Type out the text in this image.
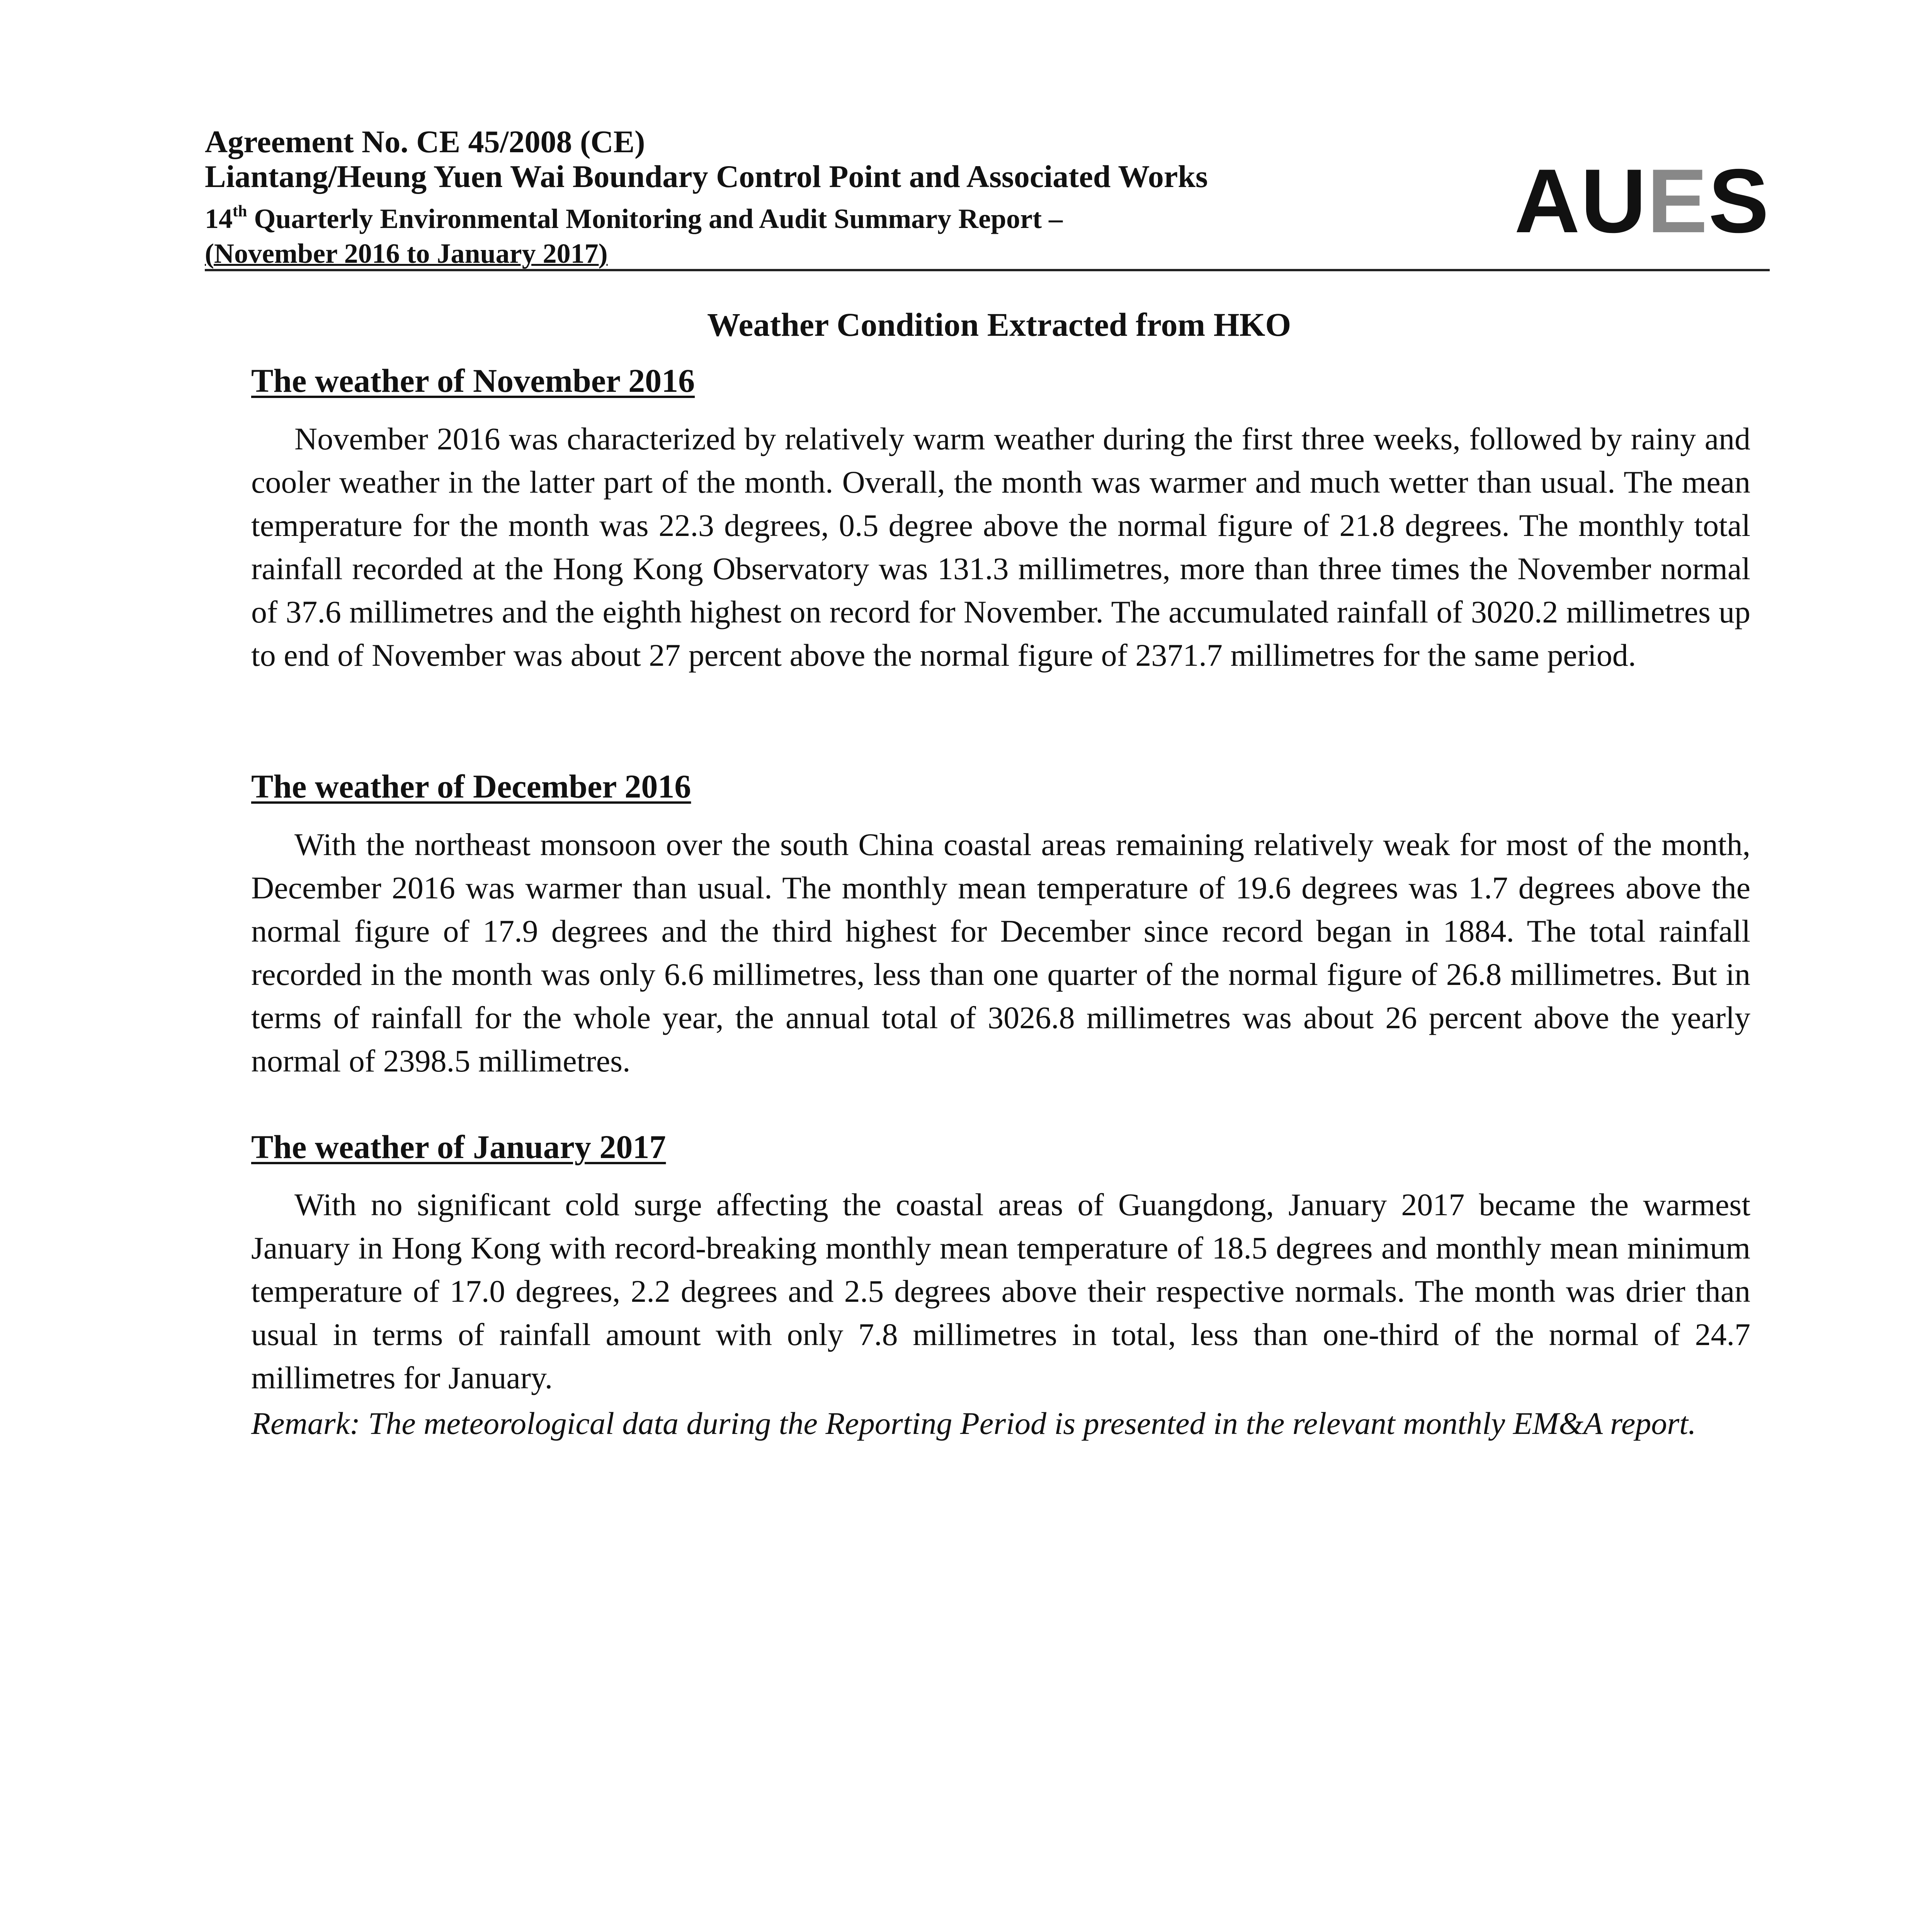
Agreement No. CE 45/2008 (CE)
Liantang/Heung Yuen Wai Boundary Control Point and Associated Works
14th Quarterly Environmental Monitoring and Audit Summary Report –
(November 2016 to January 2017)
AUES
Weather Condition Extracted from HKO
The weather of November 2016
November 2016 was characterized by relatively warm weather during the first three weeks, followed by rainy and cooler weather in the latter part of the month. Overall, the month was warmer and much wetter than usual. The mean temperature for the month was 22.3 degrees, 0.5 degree above the normal figure of 21.8 degrees. The monthly total rainfall recorded at the Hong Kong Observatory was 131.3 millimetres, more than three times the November normal of 37.6 millimetres and the eighth highest on record for November. The accumulated rainfall of 3020.2 millimetres up to end of November was about 27 percent above the normal figure of 2371.7 millimetres for the same period.
The weather of December 2016
With the northeast monsoon over the south China coastal areas remaining relatively weak for most of the month, December 2016 was warmer than usual. The monthly mean temperature of 19.6 degrees was 1.7 degrees above the normal figure of 17.9 degrees and the third highest for December since record began in 1884. The total rainfall recorded in the month was only 6.6 millimetres, less than one quarter of the normal figure of 26.8 millimetres. But in terms of rainfall for the whole year, the annual total of 3026.8 millimetres was about 26 percent above the yearly normal of 2398.5 millimetres.
The weather of January 2017
With no significant cold surge affecting the coastal areas of Guangdong, January 2017 became the warmest January in Hong Kong with record-breaking monthly mean temperature of 18.5 degrees and monthly mean minimum temperature of 17.0 degrees, 2.2 degrees and 2.5 degrees above their respective normals. The month was drier than usual in terms of rainfall amount with only 7.8 millimetres in total, less than one-third of the normal of 24.7 millimetres for January.
Remark: The meteorological data during the Reporting Period is presented in the relevant monthly EM&A report.
